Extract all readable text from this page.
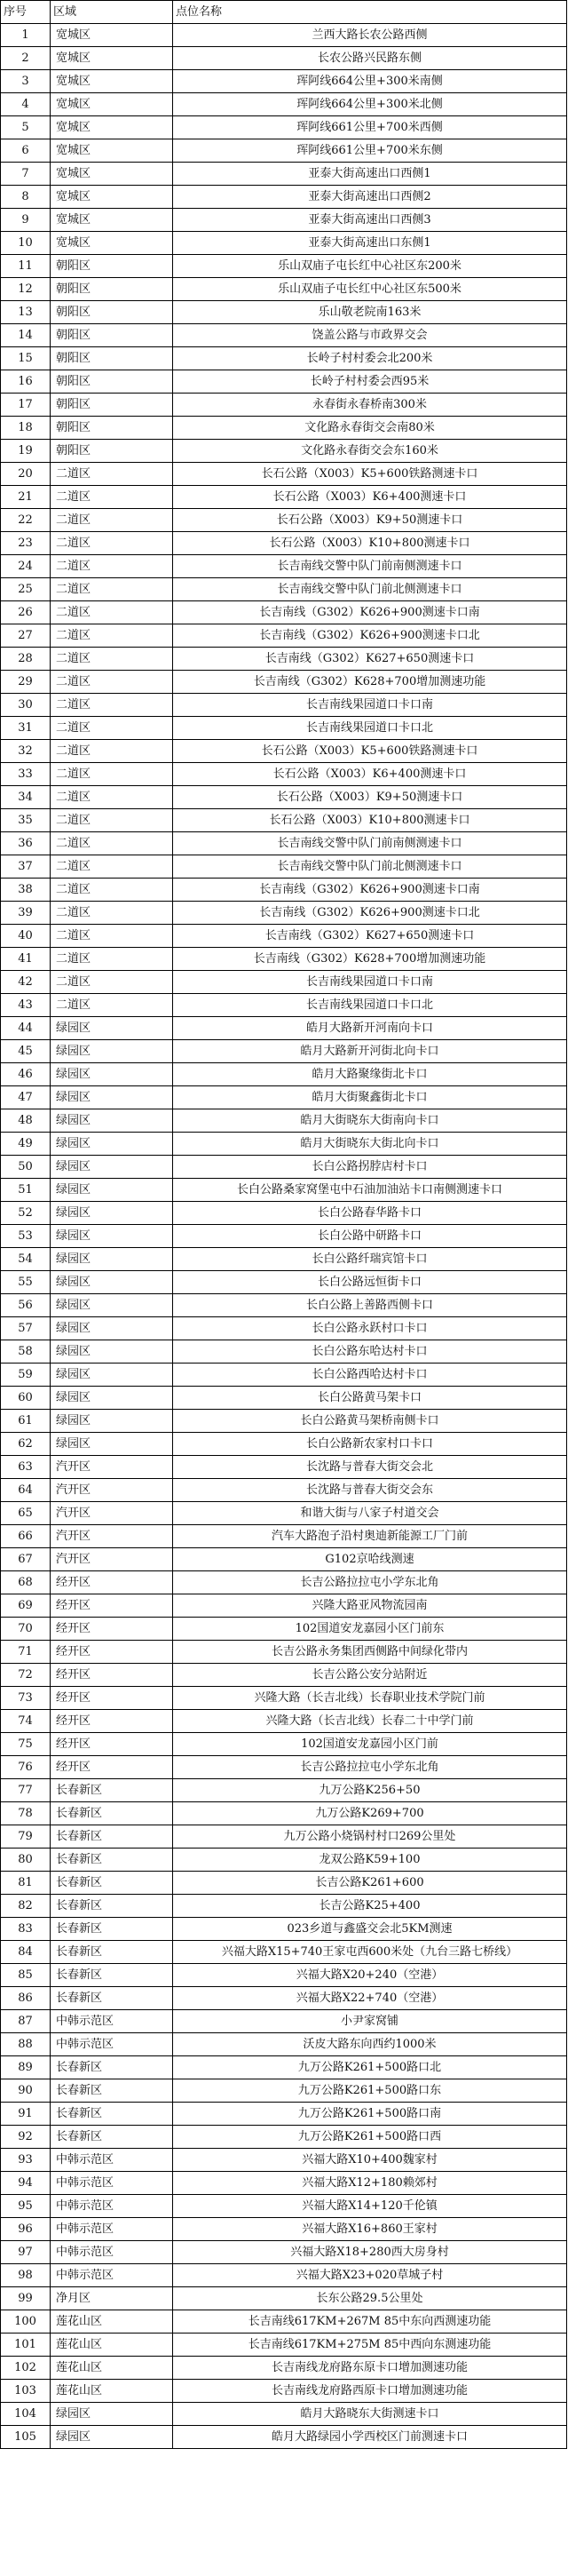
序号	区域	点位名称
1	宽城区	兰西大路长农公路西侧
2	宽城区	长农公路兴民路东侧
3	宽城区	珲阿线664公里+300米南侧
4	宽城区	珲阿线664公里+300米北侧
5	宽城区	珲阿线661公里+700米西侧
6	宽城区	珲阿线661公里+700米东侧
7	宽城区	亚泰大街高速出口西侧1
8	宽城区	亚泰大街高速出口西侧2
9	宽城区	亚泰大街高速出口西侧3
10	宽城区	亚泰大街高速出口东侧1
11	朝阳区	乐山双庙子屯长红中心社区东200米
12	朝阳区	乐山双庙子屯长红中心社区东500米
13	朝阳区	乐山敬老院南163米
14	朝阳区	饶盖公路与市政界交会
15	朝阳区	长岭子村村委会北200米
16	朝阳区	长岭子村村委会西95米
17	朝阳区	永春街永春桥南300米
18	朝阳区	文化路永春街交会南80米
19	朝阳区	文化路永春街交会东160米
20	二道区	长石公路（X003）K5+600铁路测速卡口
21	二道区	长石公路（X003）K6+400测速卡口
22	二道区	长石公路（X003）K9+50测速卡口
23	二道区	长石公路（X003）K10+800测速卡口
24	二道区	长吉南线交警中队门前南侧测速卡口
25	二道区	长吉南线交警中队门前北侧测速卡口
26	二道区	长吉南线（G302）K626+900测速卡口南
27	二道区	长吉南线（G302）K626+900测速卡口北
28	二道区	长吉南线（G302）K627+650测速卡口
29	二道区	长吉南线（G302）K628+700增加测速功能
30	二道区	长吉南线果园道口卡口南
31	二道区	长吉南线果园道口卡口北
32	二道区	长石公路（X003）K5+600铁路测速卡口
33	二道区	长石公路（X003）K6+400测速卡口
34	二道区	长石公路（X003）K9+50测速卡口
35	二道区	长石公路（X003）K10+800测速卡口
36	二道区	长吉南线交警中队门前南侧测速卡口
37	二道区	长吉南线交警中队门前北侧测速卡口
38	二道区	长吉南线（G302）K626+900测速卡口南
39	二道区	长吉南线（G302）K626+900测速卡口北
40	二道区	长吉南线（G302）K627+650测速卡口
41	二道区	长吉南线（G302）K628+700增加测速功能
42	二道区	长吉南线果园道口卡口南
43	二道区	长吉南线果园道口卡口北
44	绿园区	皓月大路新开河南向卡口
45	绿园区	皓月大路新开河街北向卡口
46	绿园区	皓月大路聚缘街北卡口
47	绿园区	皓月大街聚鑫街北卡口
48	绿园区	皓月大街晓东大街南向卡口
49	绿园区	皓月大街晓东大街北向卡口
50	绿园区	长白公路拐脖店村卡口
51	绿园区	长白公路桑家窝堡屯中石油加油站卡口南侧测速卡口
52	绿园区	长白公路春华路卡口
53	绿园区	长白公路中研路卡口
54	绿园区	长白公路纤瑞宾馆卡口
55	绿园区	长白公路远恒街卡口
56	绿园区	长白公路上善路西侧卡口
57	绿园区	长白公路永跃村口卡口
58	绿园区	长白公路东哈达村卡口
59	绿园区	长白公路西哈达村卡口
60	绿园区	长白公路黄马架卡口
61	绿园区	长白公路黄马架桥南侧卡口
62	绿园区	长白公路新农家村口卡口
63	汽开区	长沈路与普春大街交会北
64	汽开区	长沈路与普春大街交会东
65	汽开区	和谐大街与八家子村道交会
66	汽开区	汽车大路泡子沿村奥迪新能源工厂门前
67	汽开区	G102京哈线测速
68	经开区	长吉公路拉拉屯小学东北角
69	经开区	兴隆大路亚风物流园南
70	经开区	102国道安龙嘉园小区门前东
71	经开区	长吉公路永务集团西侧路中间绿化带内
72	经开区	长吉公路公安分站附近
73	经开区	兴隆大路（长吉北线）长春职业技术学院门前
74	经开区	兴隆大路（长吉北线）长春二十中学门前
75	经开区	102国道安龙嘉园小区门前
76	经开区	长吉公路拉拉屯小学东北角
77	长春新区	九万公路K256+50
78	长春新区	九万公路K269+700
79	长春新区	九万公路小烧锅村村口269公里处
80	长春新区	龙双公路K59+100
81	长春新区	长吉公路K261+600
82	长春新区	长吉公路K25+400
83	长春新区	023乡道与鑫盛交会北5KM测速
84	长春新区	兴福大路X15+740王家屯西600米处（九台三路七桥线）
85	长春新区	兴福大路X20+240（空港）
86	长春新区	兴福大路X22+740（空港）
87	中韩示范区	小尹家窝铺
88	中韩示范区	沃皮大路东向西约1000米
89	长春新区	九万公路K261+500路口北
90	长春新区	九万公路K261+500路口东
91	长春新区	九万公路K261+500路口南
92	长春新区	九万公路K261+500路口西
93	中韩示范区	兴福大路X10+400魏家村
94	中韩示范区	兴福大路X12+180赖郊村
95	中韩示范区	兴福大路X14+120千伦镇
96	中韩示范区	兴福大路X16+860王家村
97	中韩示范区	兴福大路X18+280西大房身村
98	中韩示范区	兴福大路X23+020草城子村
99	净月区	长东公路29.5公里处
100	莲花山区	长吉南线617KM+267M 85中东向西测速功能
101	莲花山区	长吉南线617KM+275M 85中西向东测速功能
102	莲花山区	长吉南线龙府路东原卡口增加测速功能
103	莲花山区	长吉南线龙府路西原卡口增加测速功能
104	绿园区	皓月大路晓东大街测速卡口
105	绿园区	皓月大路绿园小学西校区门前测速卡口
